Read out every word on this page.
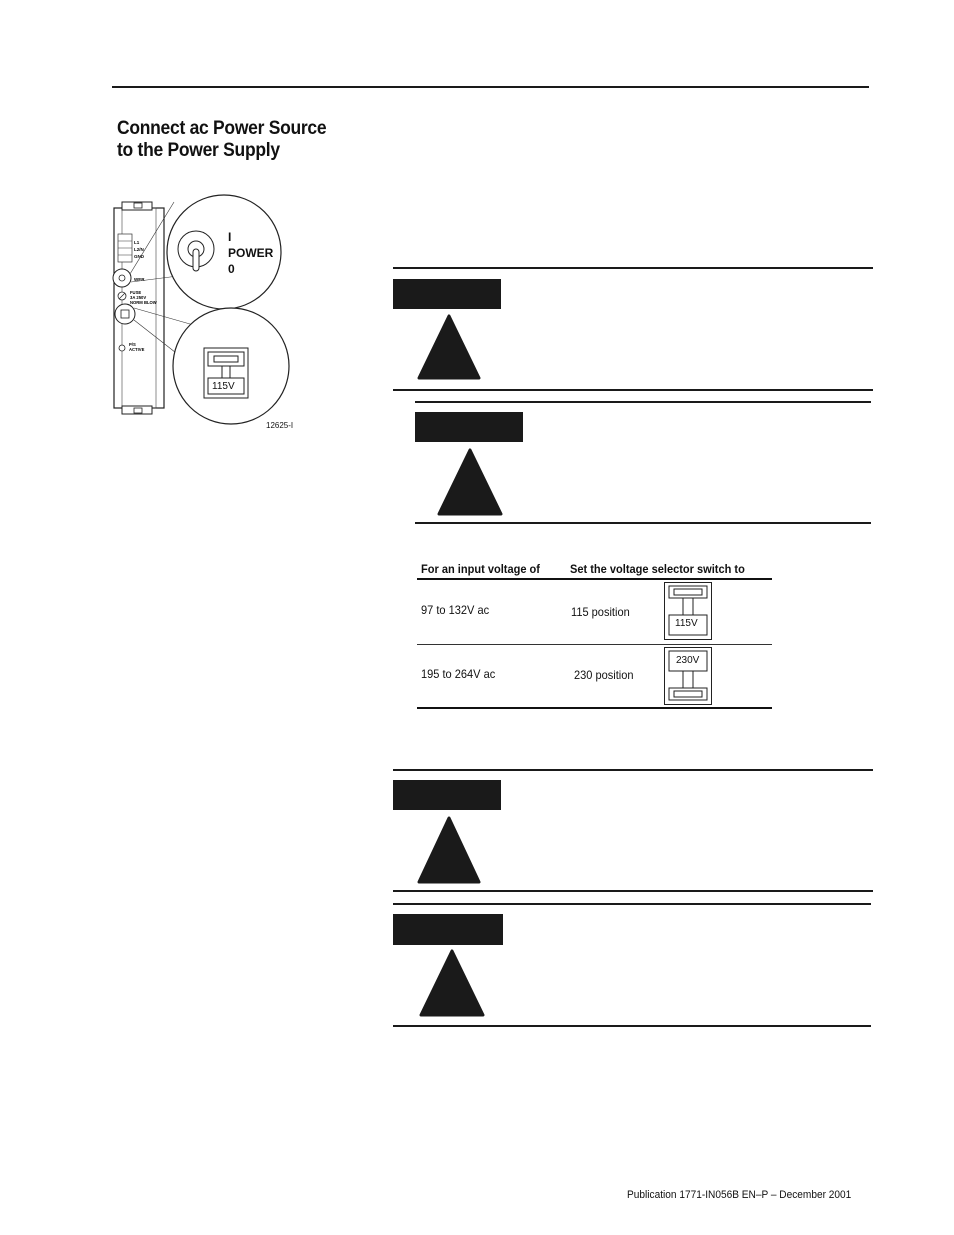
Connect ac Power Source
to the Power Supply
L1
L2/N
GND
WER
FUSE
3A 250V
NORM BLOW
P/S
ACTIVE
I
POWER
0
115V
12625-I
For an input voltage of	Set the voltage selector switch to
97 to 132V ac	115 position
115V
195 to 264V ac	230 position
230V
Publication 1771-IN056B EN–P – December 2001
